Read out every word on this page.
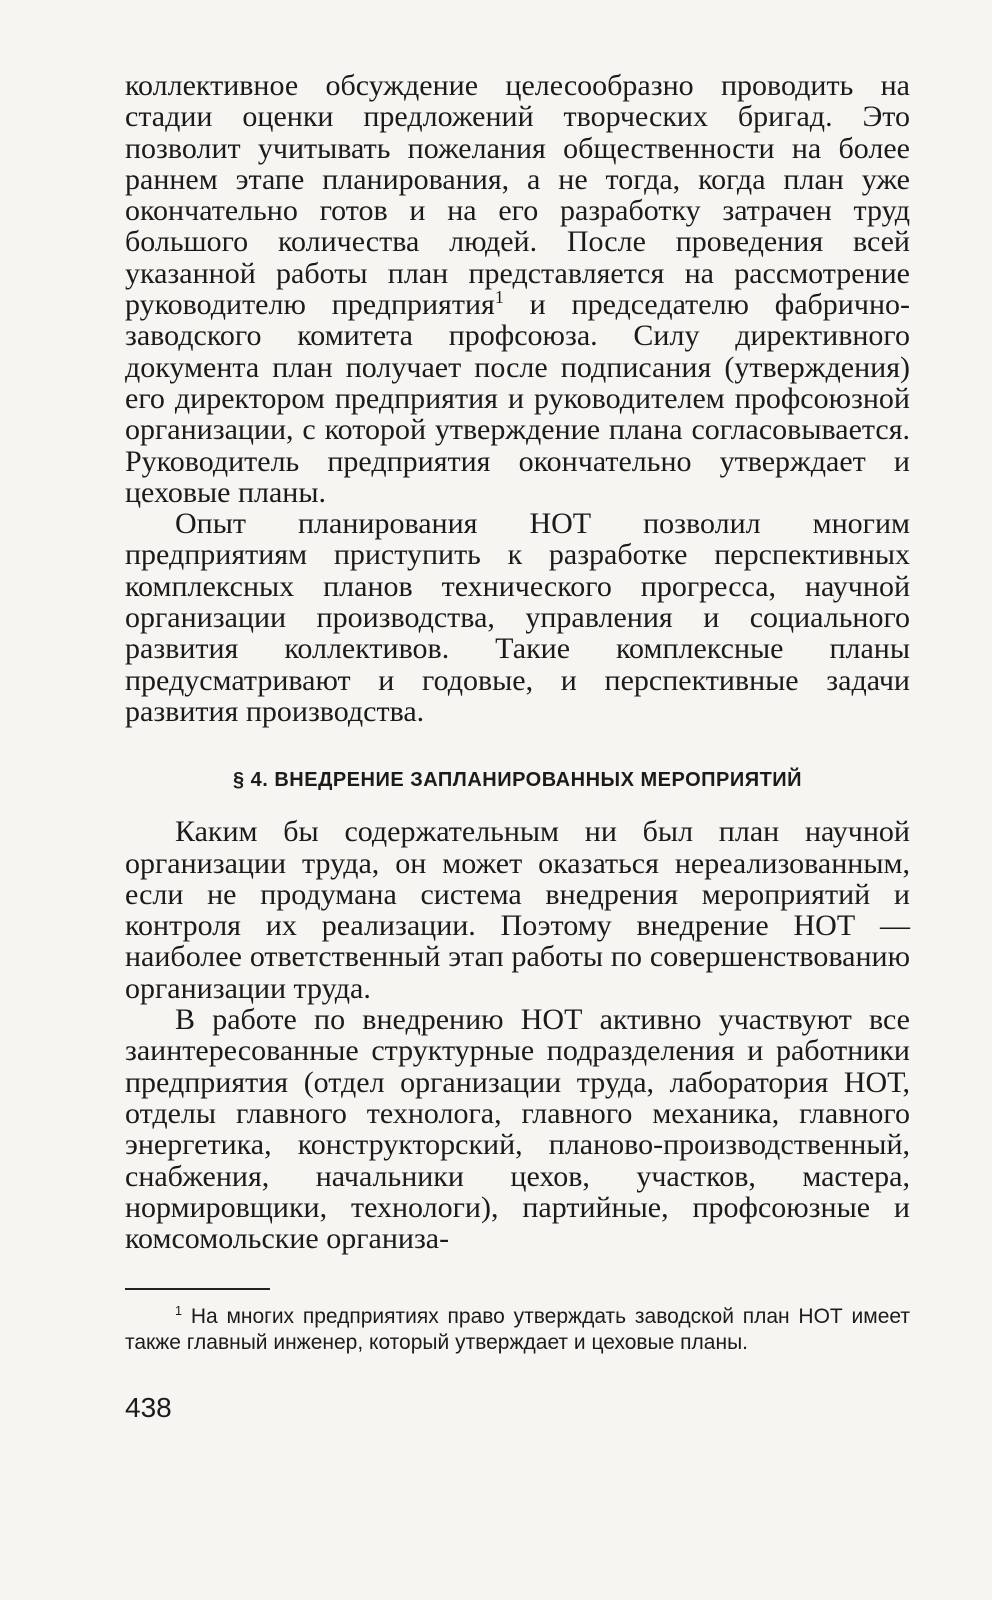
коллективное обсуждение целесообразно проводить на стадии оценки предложений творческих бригад. Это позволит учитывать пожелания общественности на более раннем этапе планирования, а не тогда, когда план уже окончательно готов и на его разработку затрачен труд большого количества людей. После проведения всей указанной работы план представляется на рассмотрение руководителю предприятия$^1$ и председателю фабрично-заводского комитета профсоюза. Силу директивного документа план получает после подписания (утверждения) его директором предприятия и руководителем профсоюзной организации, с которой утверждение плана согласовывается. Руководитель предприятия окончательно утверждает и цеховые планы.

Опыт планирования НОТ позволил многим предприятиям приступить к разработке перспективных комплексных планов технического прогресса, научной организации производства, управления и социального развития коллективов. Такие комплексные планы предусматривают и годовые, и перспективные задачи развития производства.

§ 4. ВНЕДРЕНИЕ ЗАПЛАНИРОВАННЫХ МЕРОПРИЯТИЙ

Каким бы содержательным ни был план научной организации труда, он может оказаться нереализованным, если не продумана система внедрения мероприятий и контроля их реализации. Поэтому внедрение НОТ — наиболее ответственный этап работы по совершенствованию организации труда.

В работе по внедрению НОТ активно участвуют все заинтересованные структурные подразделения и работники предприятия (отдел организации труда, лаборатория НОТ, отделы главного технолога, главного механика, главного энергетика, конструкторский, планово-производственный, снабжения, начальники цехов, участков, мастера, нормировщики, технологи), партийные, профсоюзные и комсомольские организа-

$^1$ На многих предприятиях право утверждать заводской план НОТ имеет также главный инженер, который утверждает и цеховые планы.

438
